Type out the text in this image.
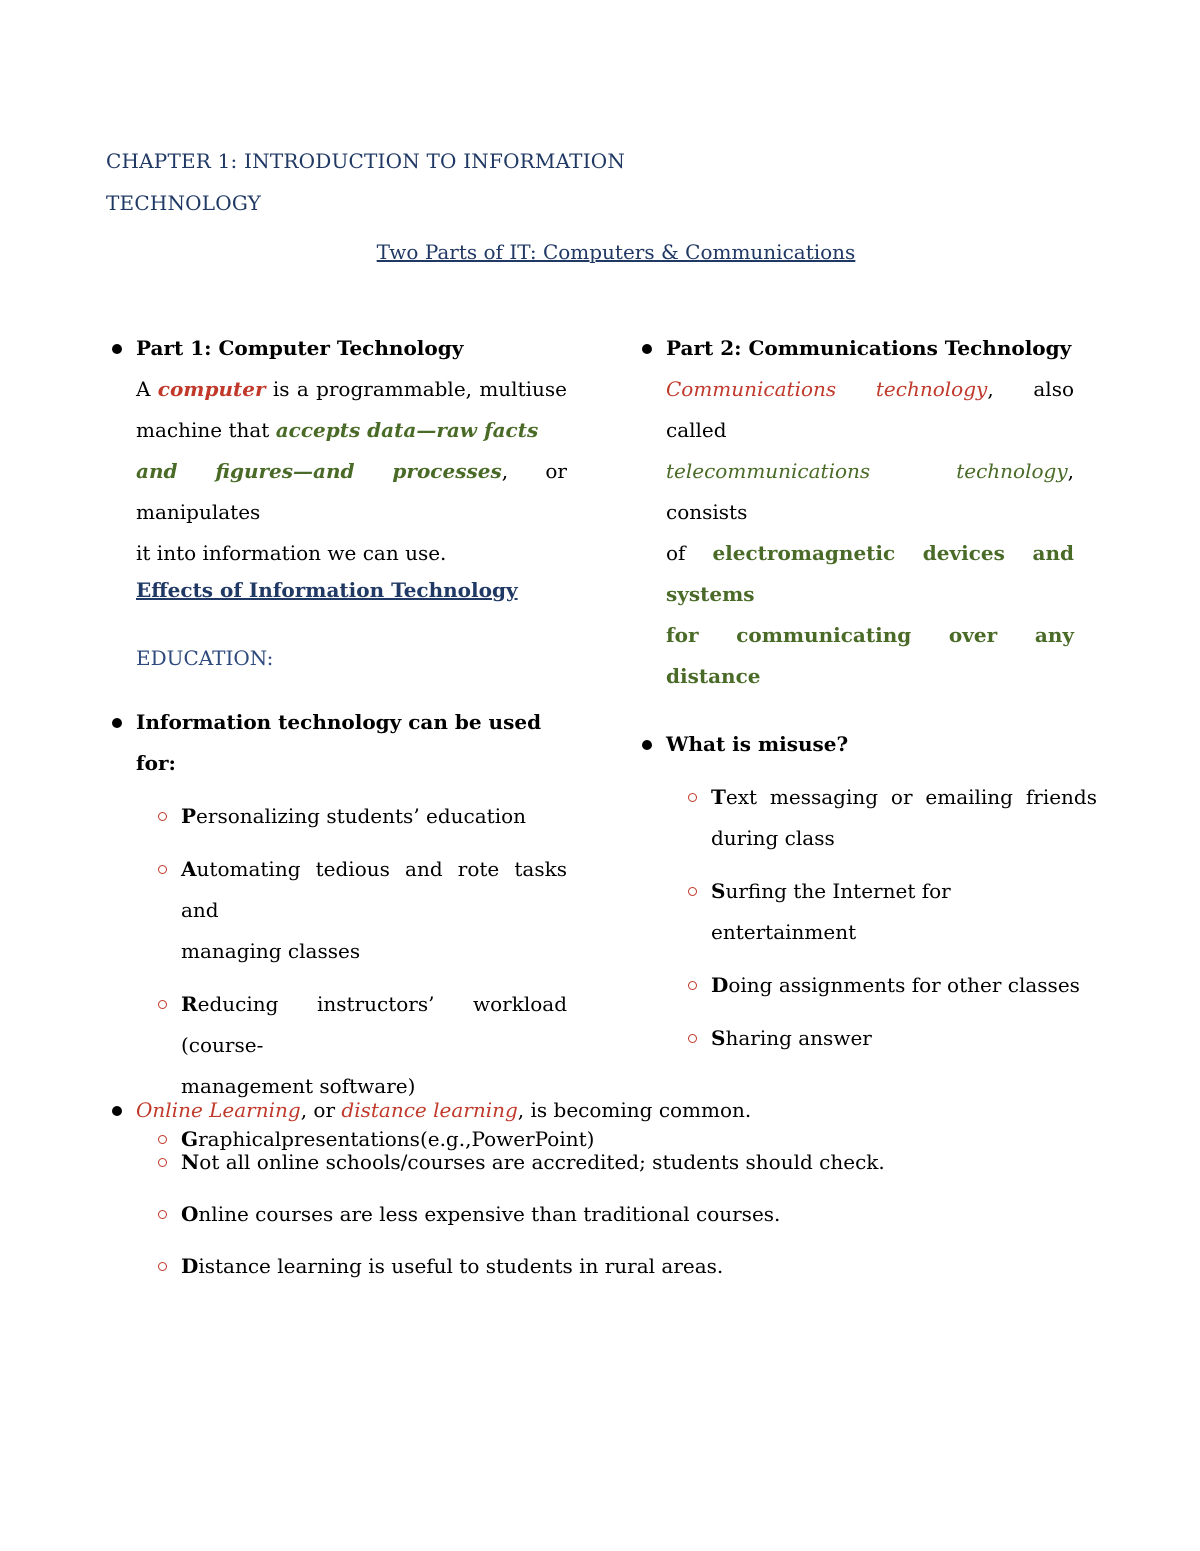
CHAPTER 1: INTRODUCTION TO INFORMATION
TECHNOLOGY
Two Parts of IT: Computers & Communications
Part 1: Computer Technology
A computer is a programmable, multiuse
machine that accepts data—raw facts
and figures—and processes, or manipulates
it into information we can use.
Part 2: Communications Technology
Communications technology, also called
telecommunications technology, consists
of electromagnetic devices and systems
for communicating over any distance
Effects of Information Technology
EDUCATION:
Information technology can be used for:
Personalizing students’ education
Automating tedious and rote tasks and
managing classes
Reducing instructors’ workload (course-
management software)
Graphicalpresentations(e.g.,PowerPoint)
What is misuse?
Text messaging or emailing friends
during class
Surfing the Internet for entertainment
Doing assignments for other classes
Sharing answer
Online Learning, or distance learning, is becoming common.
Not all online schools/courses are accredited; students should check.
Online courses are less expensive than traditional courses.
Distance learning is useful to students in rural areas.
